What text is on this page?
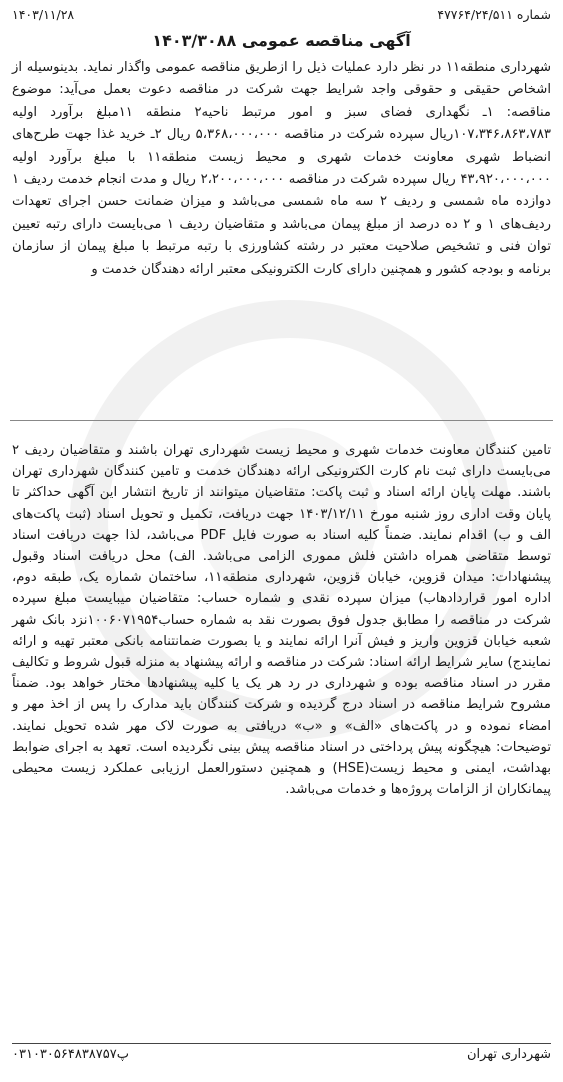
شماره ۴۷۷۶۴/۲۴/۵۱۱
۱۴۰۳/۱۱/۲۸
آگهی مناقصه عمومی ۱۴۰۳/۳۰۸۸
شهرداری منطقه۱۱ در نظر دارد عملیات ذیل را ازطریق مناقصه عمومی واگذار نماید. بدینوسیله از اشخاص حقیقی و حقوقی واجد شرایط جهت شرکت در مناقصه دعوت بعمل می‌آید: موضوع مناقصه: ۱ـ نگهداری فضای سبز و امور مرتبط ناحیه۲ منطقه ۱۱مبلغ برآورد اولیه ۱۰۷،۳۴۶،۸۶۳،۷۸۳ریال سپرده شرکت در مناقصه ۵،۳۶۸،۰۰۰،۰۰۰ ریال ۲ـ خرید غذا جهت طرح‌های انضباط شهری معاونت خدمات شهری و محیط زیست منطقه۱۱ با مبلغ برآورد اولیه ۴۳،۹۲۰،۰۰۰،۰۰۰ ریال سپرده شرکت در مناقصه ۲،۲۰۰،۰۰۰،۰۰۰ ریال و مدت انجام خدمت ردیف ۱ دوازده ماه شمسی و ردیف ۲ سه ماه شمسی می‌باشد و میزان ضمانت حسن اجرای تعهدات ردیف‌های ۱ و ۲ ده درصد از مبلغ پیمان می‌باشد و متقاضیان ردیف ۱ می‌بایست دارای رتبه تعیین توان فنی و تشخیص صلاحیت معتبر در رشته کشاورزی با رتبه مرتبط با مبلغ پیمان از سازمان برنامه و بودجه کشور و همچنین دارای کارت الکترونیکی معتبر ارائه دهندگان خدمت و
تامین کنندگان معاونت خدمات شهری و محیط زیست شهرداری تهران باشند و متقاضیان ردیف ۲ می‌بایست دارای ثبت نام کارت الکترونیکی ارائه دهندگان خدمت و تامین کنندگان شهرداری تهران باشند. مهلت پایان ارائه اسناد و ثبت پاکت: متقاضیان میتوانند از تاریخ انتشار این آگهی حداکثر تا پایان وقت اداری روز شنبه مورخ ۱۴۰۳/۱۲/۱۱ جهت دریافت، تکمیل و تحویل اسناد (ثبت پاکت‌های الف و ب) اقدام نمایند. ضمناً کلیه اسناد به صورت فایل PDF می‌باشد، لذا جهت دریافت اسناد توسط متقاضی همراه داشتن فلش مموری الزامی می‌باشد. الف) محل دریافت اسناد وقبول پیشنهادات: میدان قزوین، خیابان قزوین، شهرداری منطقه۱۱، ساختمان شماره یک، طبقه دوم، اداره امور قراردادهاب) میزان سپرده نقدی و شماره حساب: متقاضیان میبایست مبلغ سپرده شرکت در مناقصه را مطابق جدول فوق بصورت نقد به شماره حساب۱۰۰۶۰۷۱۹۵۴نزد بانک شهر شعبه خیابان قزوین واریز و فیش آنرا ارائه نمایند و یا بصورت ضمانتنامه بانکی معتبر تهیه و ارائه نمایندج) سایر شرایط ارائه اسناد: شرکت در مناقصه و ارائه پیشنهاد به منزله قبول شروط و تکالیف مقرر در اسناد مناقصه بوده و شهرداری در رد هر یک یا کلیه پیشنهادها مختار خواهد بود. ضمناً مشروح شرایط مناقصه در اسناد درج گردیده و شرکت کنندگان باید مدارک را پس از اخذ مهر و امضاء نموده و در پاکت‌های «الف» و «ب» دریافتی به صورت لاک مهر شده تحویل نمایند. توضیحات: هیچگونه پیش پرداختی در اسناد مناقصه پیش بینی نگردیده است. تعهد به اجرای ضوابط بهداشت، ایمنی و محیط زیست(HSE) و همچنین دستورالعمل ارزیابی عملکرد زیست محیطی پیمانکاران از الزامات پروژه‌ها و خدمات می‌باشد.
شهرداری تهران
پ۰۳۱۰۳۰۵۶۴۸۳۸۷۵۷
